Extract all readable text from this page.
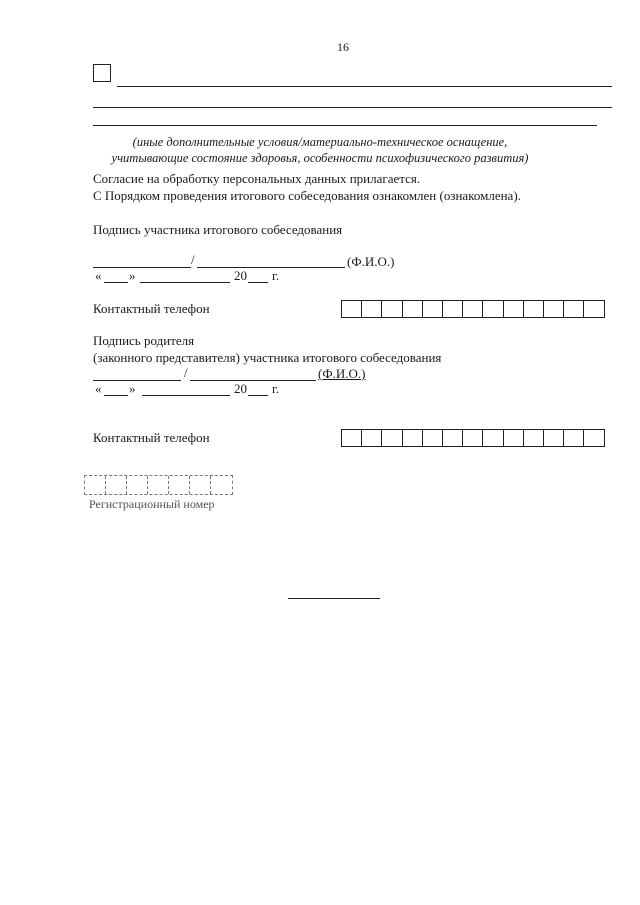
16
(иные дополнительные условия/материально-техническое оснащение,
учитывающие состояние здоровья, особенности психофизического развития)
Согласие на обработку персональных данных прилагается.
С Порядком проведения итогового собеседования ознакомлен (ознакомлена).
Подпись участника итогового собеседования
/	(Ф.И.О.)
« »	20 г.
Контактный телефон
Подпись родителя
(законного представителя) участника итогового собеседования
/	(Ф.И.О.)
« »	20 г.
Контактный телефон
Регистрационный номер
